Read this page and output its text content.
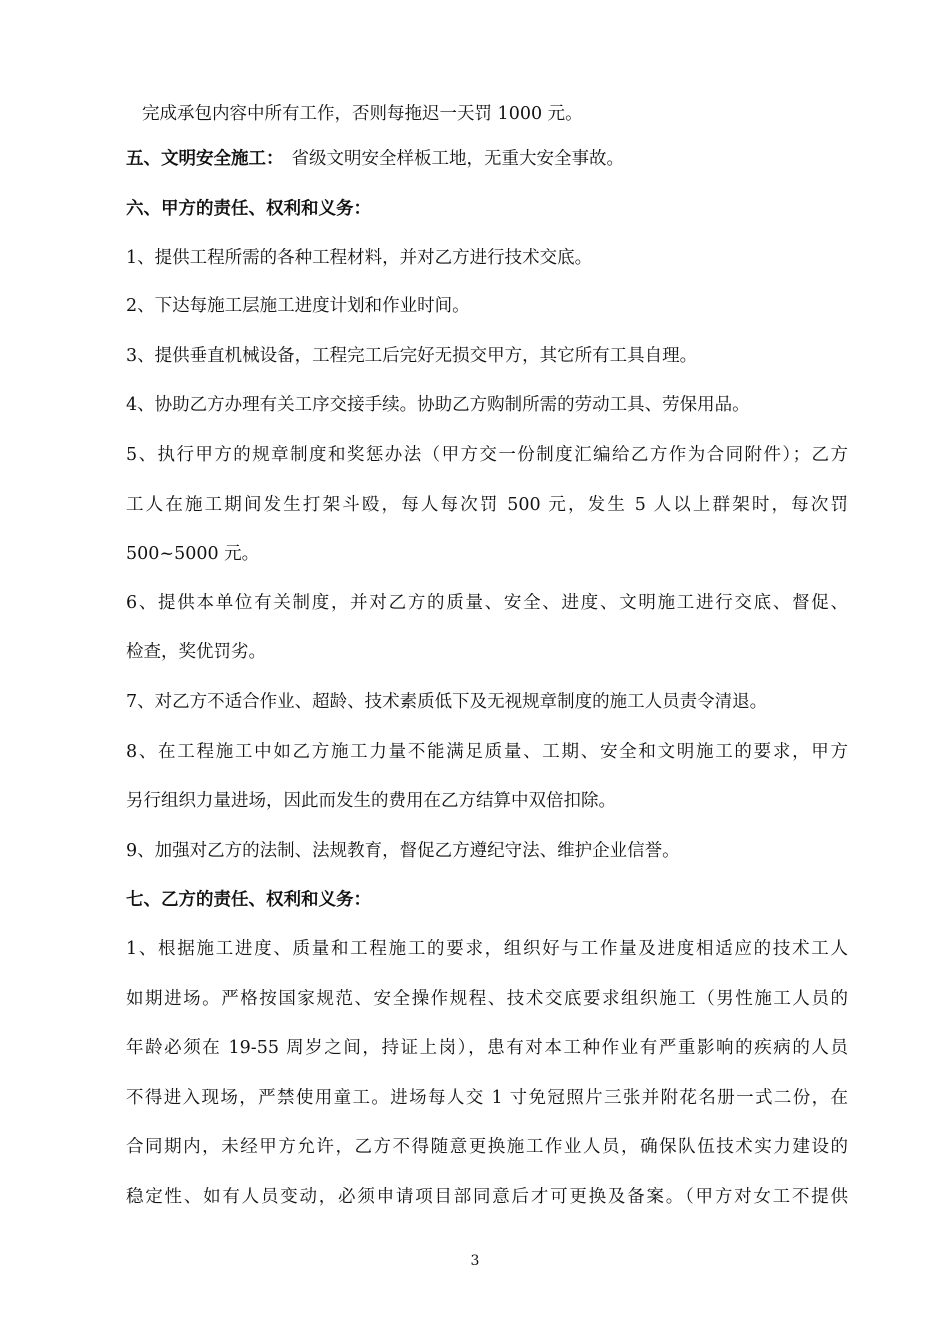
完成承包内容中所有工作，否则每拖迟一天罚 1000 元。
五、文明安全施工： 省级文明安全样板工地，无重大安全事故。
六、甲方的责任、权利和义务：
1、提供工程所需的各种工程材料，并对乙方进行技术交底。
2、下达每施工层施工进度计划和作业时间。
3、提供垂直机械设备，工程完工后完好无损交甲方，其它所有工具自理。
4、协助乙方办理有关工序交接手续。协助乙方购制所需的劳动工具、劳保用品。
5、执行甲方的规章制度和奖惩办法（甲方交一份制度汇编给乙方作为合同附件）；乙方
工人在施工期间发生打架斗殴，每人每次罚 500 元，发生 5 人以上群架时，每次罚
500~5000 元。
6、提供本单位有关制度，并对乙方的质量、安全、进度、文明施工进行交底、督促、
检查，奖优罚劣。
7、对乙方不适合作业、超龄、技术素质低下及无视规章制度的施工人员责令清退。
8、在工程施工中如乙方施工力量不能满足质量、工期、安全和文明施工的要求，甲方
另行组织力量进场，因此而发生的费用在乙方结算中双倍扣除。
9、加强对乙方的法制、法规教育，督促乙方遵纪守法、维护企业信誉。
七、乙方的责任、权利和义务：
1、根据施工进度、质量和工程施工的要求，组织好与工作量及进度相适应的技术工人
如期进场。严格按国家规范、安全操作规程、技术交底要求组织施工（男性施工人员的
年龄必须在 19-55 周岁之间，持证上岗），患有对本工种作业有严重影响的疾病的人员
不得进入现场，严禁使用童工。进场每人交 1 寸免冠照片三张并附花名册一式二份，在
合同期内，未经甲方允许，乙方不得随意更换施工作业人员，确保队伍技术实力建设的
稳定性、如有人员变动，必须申请项目部同意后才可更换及备案。（甲方对女工不提供
3
